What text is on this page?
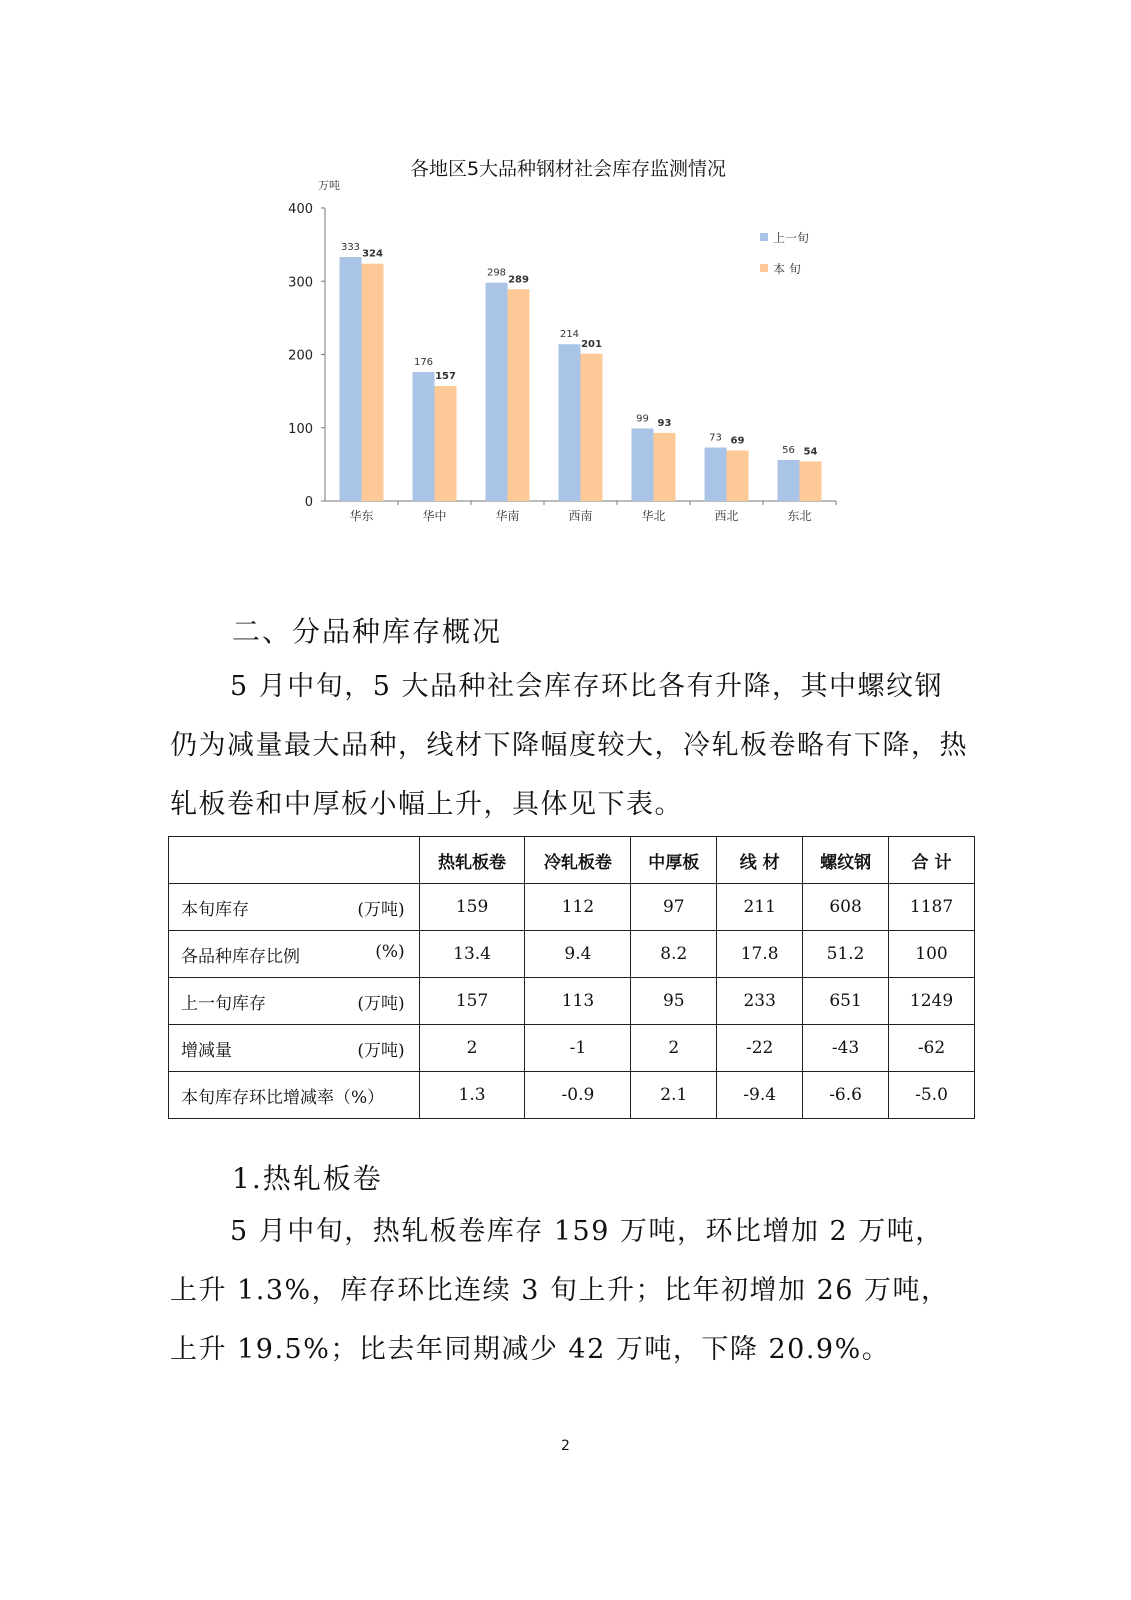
各地区5大品种钢材社会库存监测情况
万吨
0
100
200
300
400
华东
333
324
华中
176
157
华南
298
289
西南
214
201
华北
99 93
西北
73 69
东北
56 54
上一旬
本 旬
二、分品种库存概况
5 月中旬，5 大品种社会库存环比各有升降，其中螺纹钢仍为减量最大品种，线材下降幅度较大，冷轧板卷略有下降，热轧板卷和中厚板小幅上升，具体见下表。
	热轧板卷	冷轧板卷	中厚板	线 材	螺纹钢	合 计
本旬库存 (万吨)	159	112	97	211	608	1187
各品种库存比例 (%)	13.4	9.4	8.2	17.8	51.2	100
上一旬库存 (万吨)	157	113	95	233	651	1249
增减量 (万吨)	2	-1	2	-22	-43	-62
本旬库存环比增减率（%）	1.3	-0.9	2.1	-9.4	-6.6	-5.0
1.热轧板卷
5 月中旬，热轧板卷库存 159 万吨，环比增加 2 万吨，上升 1.3%，库存环比连续 3 旬上升；比年初增加 26 万吨，上升 19.5%；比去年同期减少 42 万吨，下降 20.9%。
2
